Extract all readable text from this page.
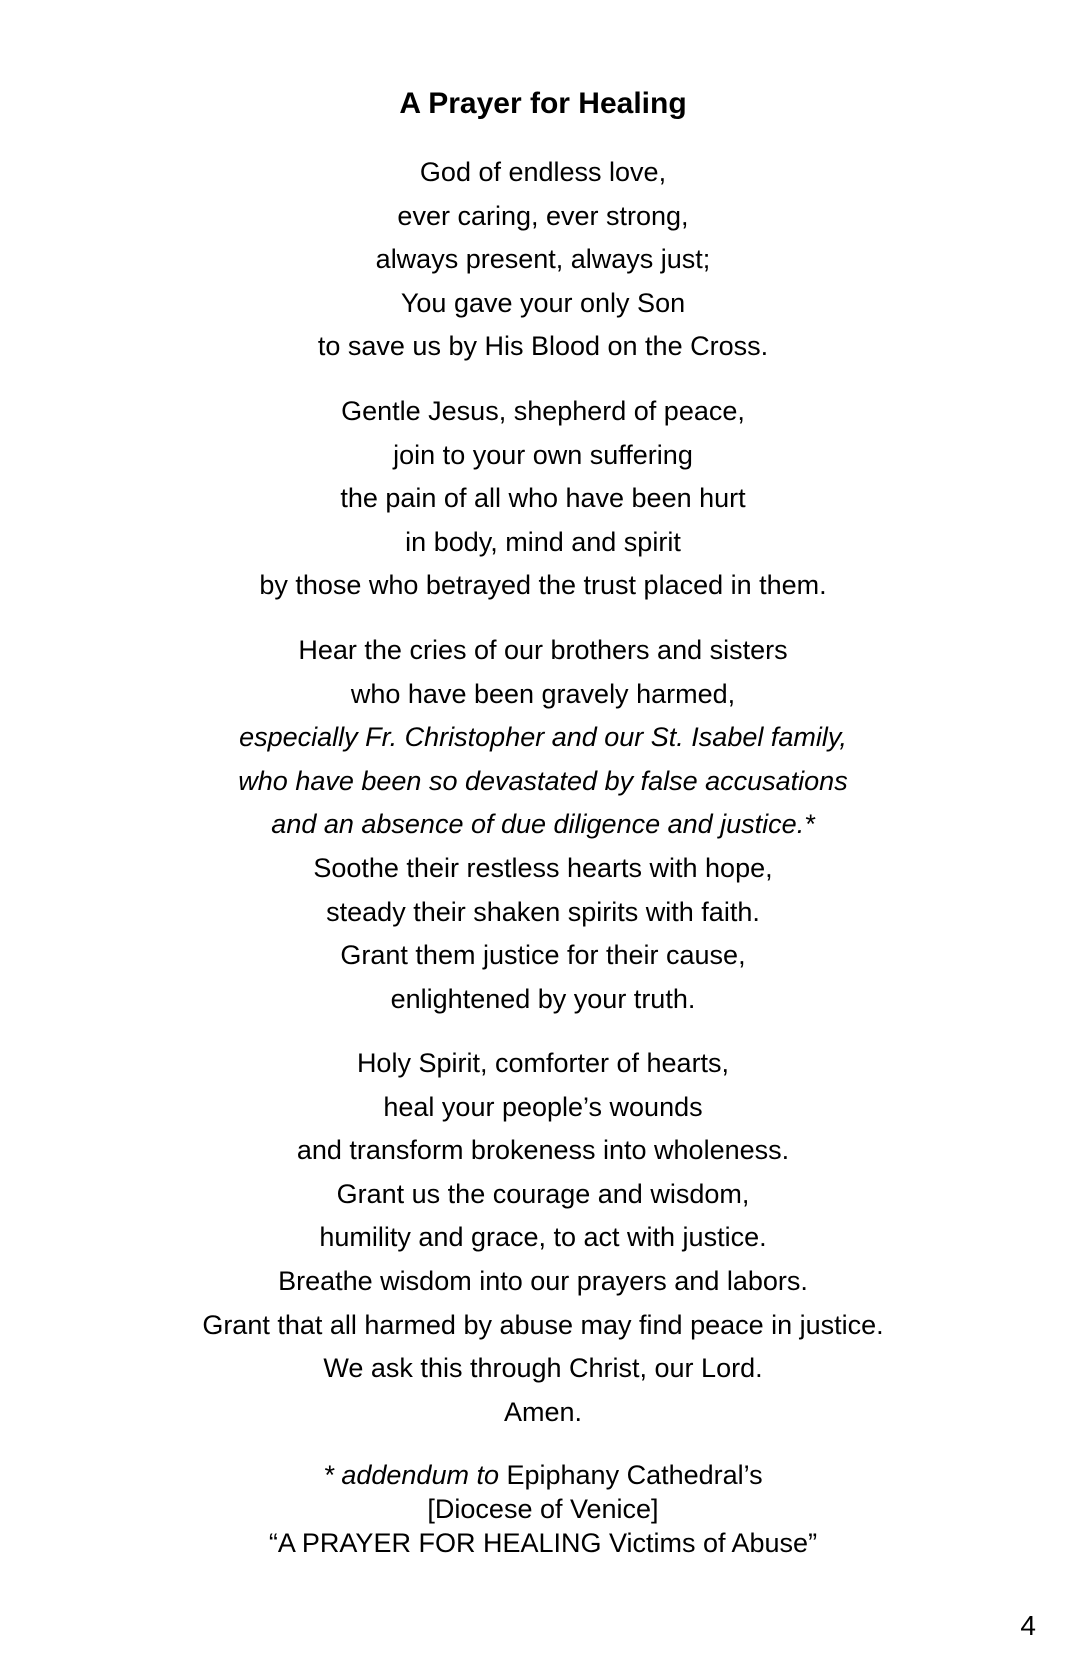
A Prayer for Healing
God of endless love,
ever caring, ever strong,
always present, always just;
You gave your only Son
to save us by His Blood on the Cross.
Gentle Jesus, shepherd of peace,
join to your own suffering
the pain of all who have been hurt
in body, mind and spirit
by those who betrayed the trust placed in them.
Hear the cries of our brothers and sisters
who have been gravely harmed,
especially Fr. Christopher and our St. Isabel family,
who have been so devastated by false accusations
and an absence of due diligence and justice.*
Soothe their restless hearts with hope,
steady their shaken spirits with faith.
Grant them justice for their cause,
enlightened by your truth.
Holy Spirit, comforter of hearts,
heal your people’s wounds
and transform brokeness into wholeness.
Grant us the courage and wisdom,
humility and grace, to act with justice.
Breathe wisdom into our prayers and labors.
Grant that all harmed by abuse may find peace in justice.
We ask this through Christ, our Lord.
Amen.
* addendum to Epiphany Cathedral’s
[Diocese of Venice]
“A PRAYER FOR HEALING Victims of Abuse”
4
